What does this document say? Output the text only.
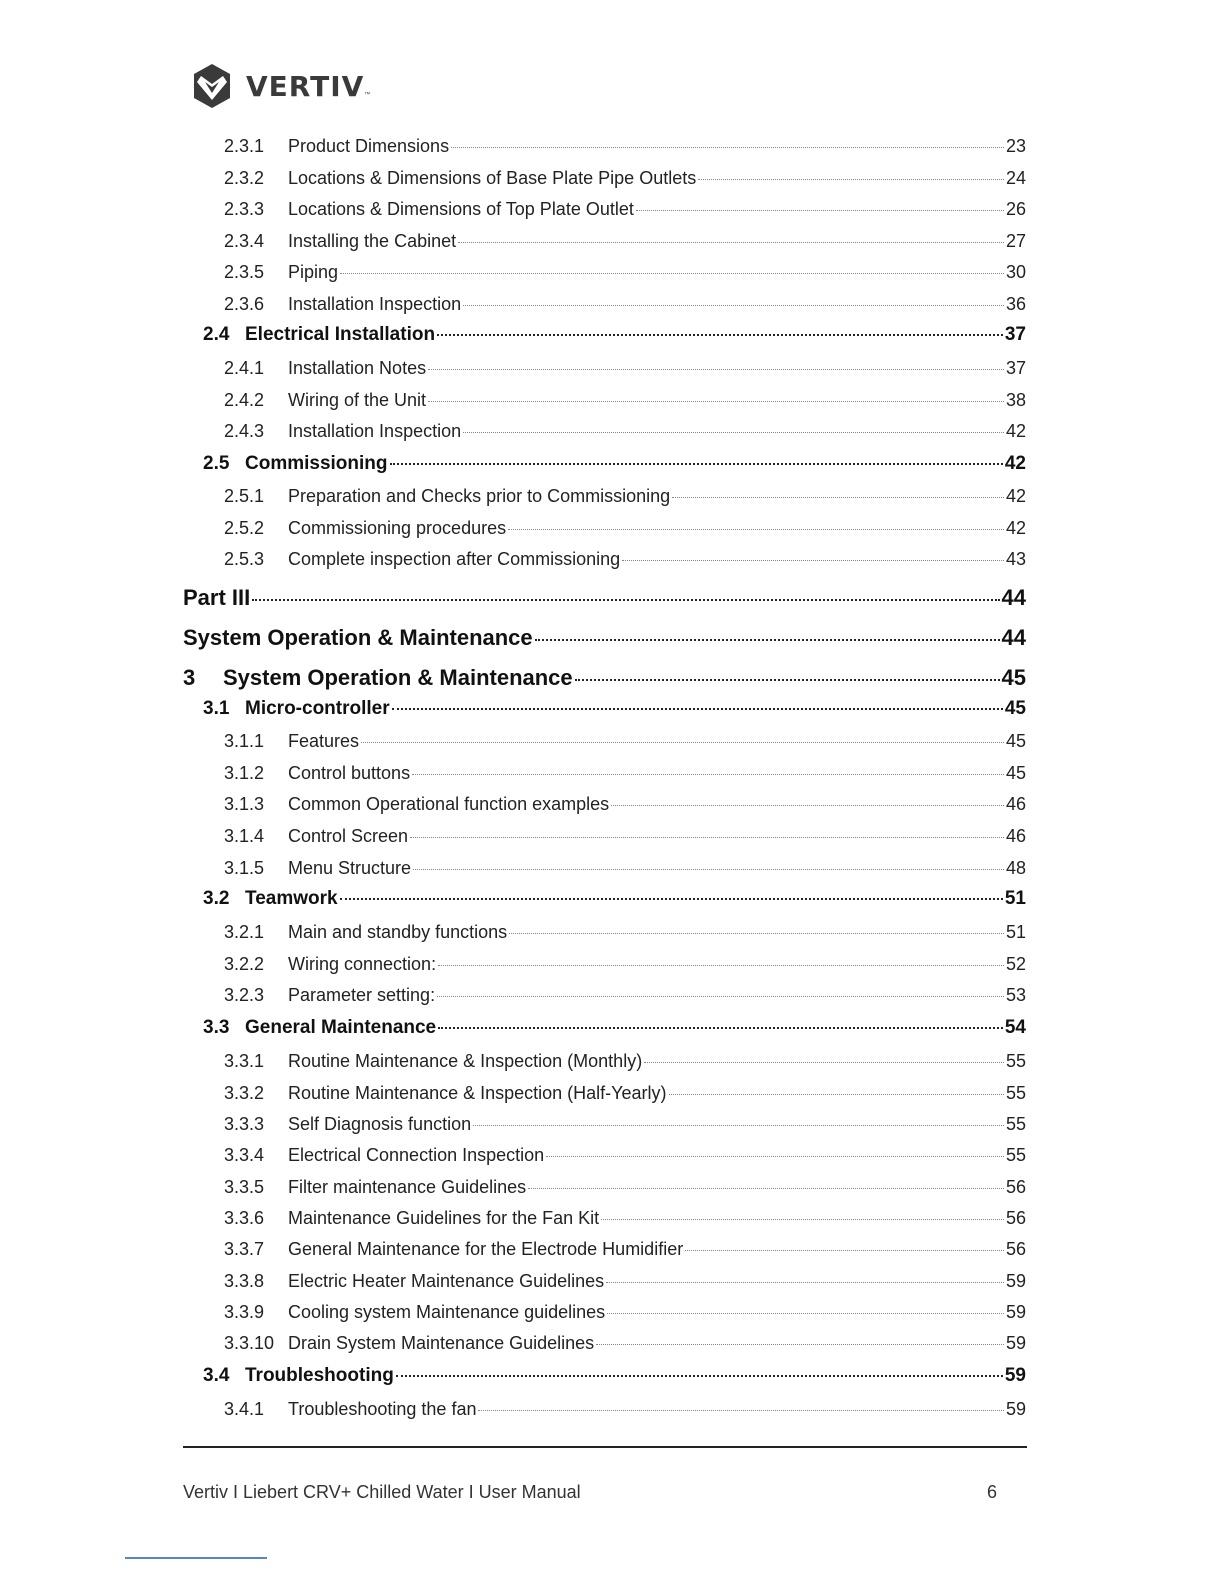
VERTIV ™
2.3.1	Product Dimensions	23
2.3.2	Locations & Dimensions of Base Plate Pipe Outlets	24
2.3.3	Locations & Dimensions of Top Plate Outlet	26
2.3.4	Installing the Cabinet	27
2.3.5	Piping	30
2.3.6	Installation Inspection	36
2.4 Electrical Installation	37
2.4.1	Installation Notes	37
2.4.2	Wiring of the Unit	38
2.4.3	Installation Inspection	42
2.5 Commissioning	42
2.5.1	Preparation and Checks prior to Commissioning	42
2.5.2	Commissioning procedures	42
2.5.3	Complete inspection after Commissioning	43
Part III	44
System Operation & Maintenance	44
3	System Operation & Maintenance	45
3.1 Micro-controller	45
3.1.1	Features	45
3.1.2	Control buttons	45
3.1.3	Common Operational function examples	46
3.1.4	Control Screen	46
3.1.5	Menu Structure	48
3.2 Teamwork	51
3.2.1	Main and standby functions	51
3.2.2	Wiring connection:	52
3.2.3	Parameter setting:	53
3.3 General Maintenance	54
3.3.1	Routine Maintenance & Inspection (Monthly)	55
3.3.2	Routine Maintenance & Inspection (Half-Yearly)	55
3.3.3	Self Diagnosis function	55
3.3.4	Electrical Connection Inspection	55
3.3.5	Filter maintenance Guidelines	56
3.3.6	Maintenance Guidelines for the Fan Kit	56
3.3.7	General Maintenance for the Electrode Humidifier	56
3.3.8	Electric Heater Maintenance Guidelines	59
3.3.9	Cooling system Maintenance guidelines	59
3.3.10 Drain System Maintenance Guidelines	59
3.4 Troubleshooting	59
3.4.1	Troubleshooting the fan	59
Vertiv I Liebert CRV+ Chilled Water I User Manual	6
